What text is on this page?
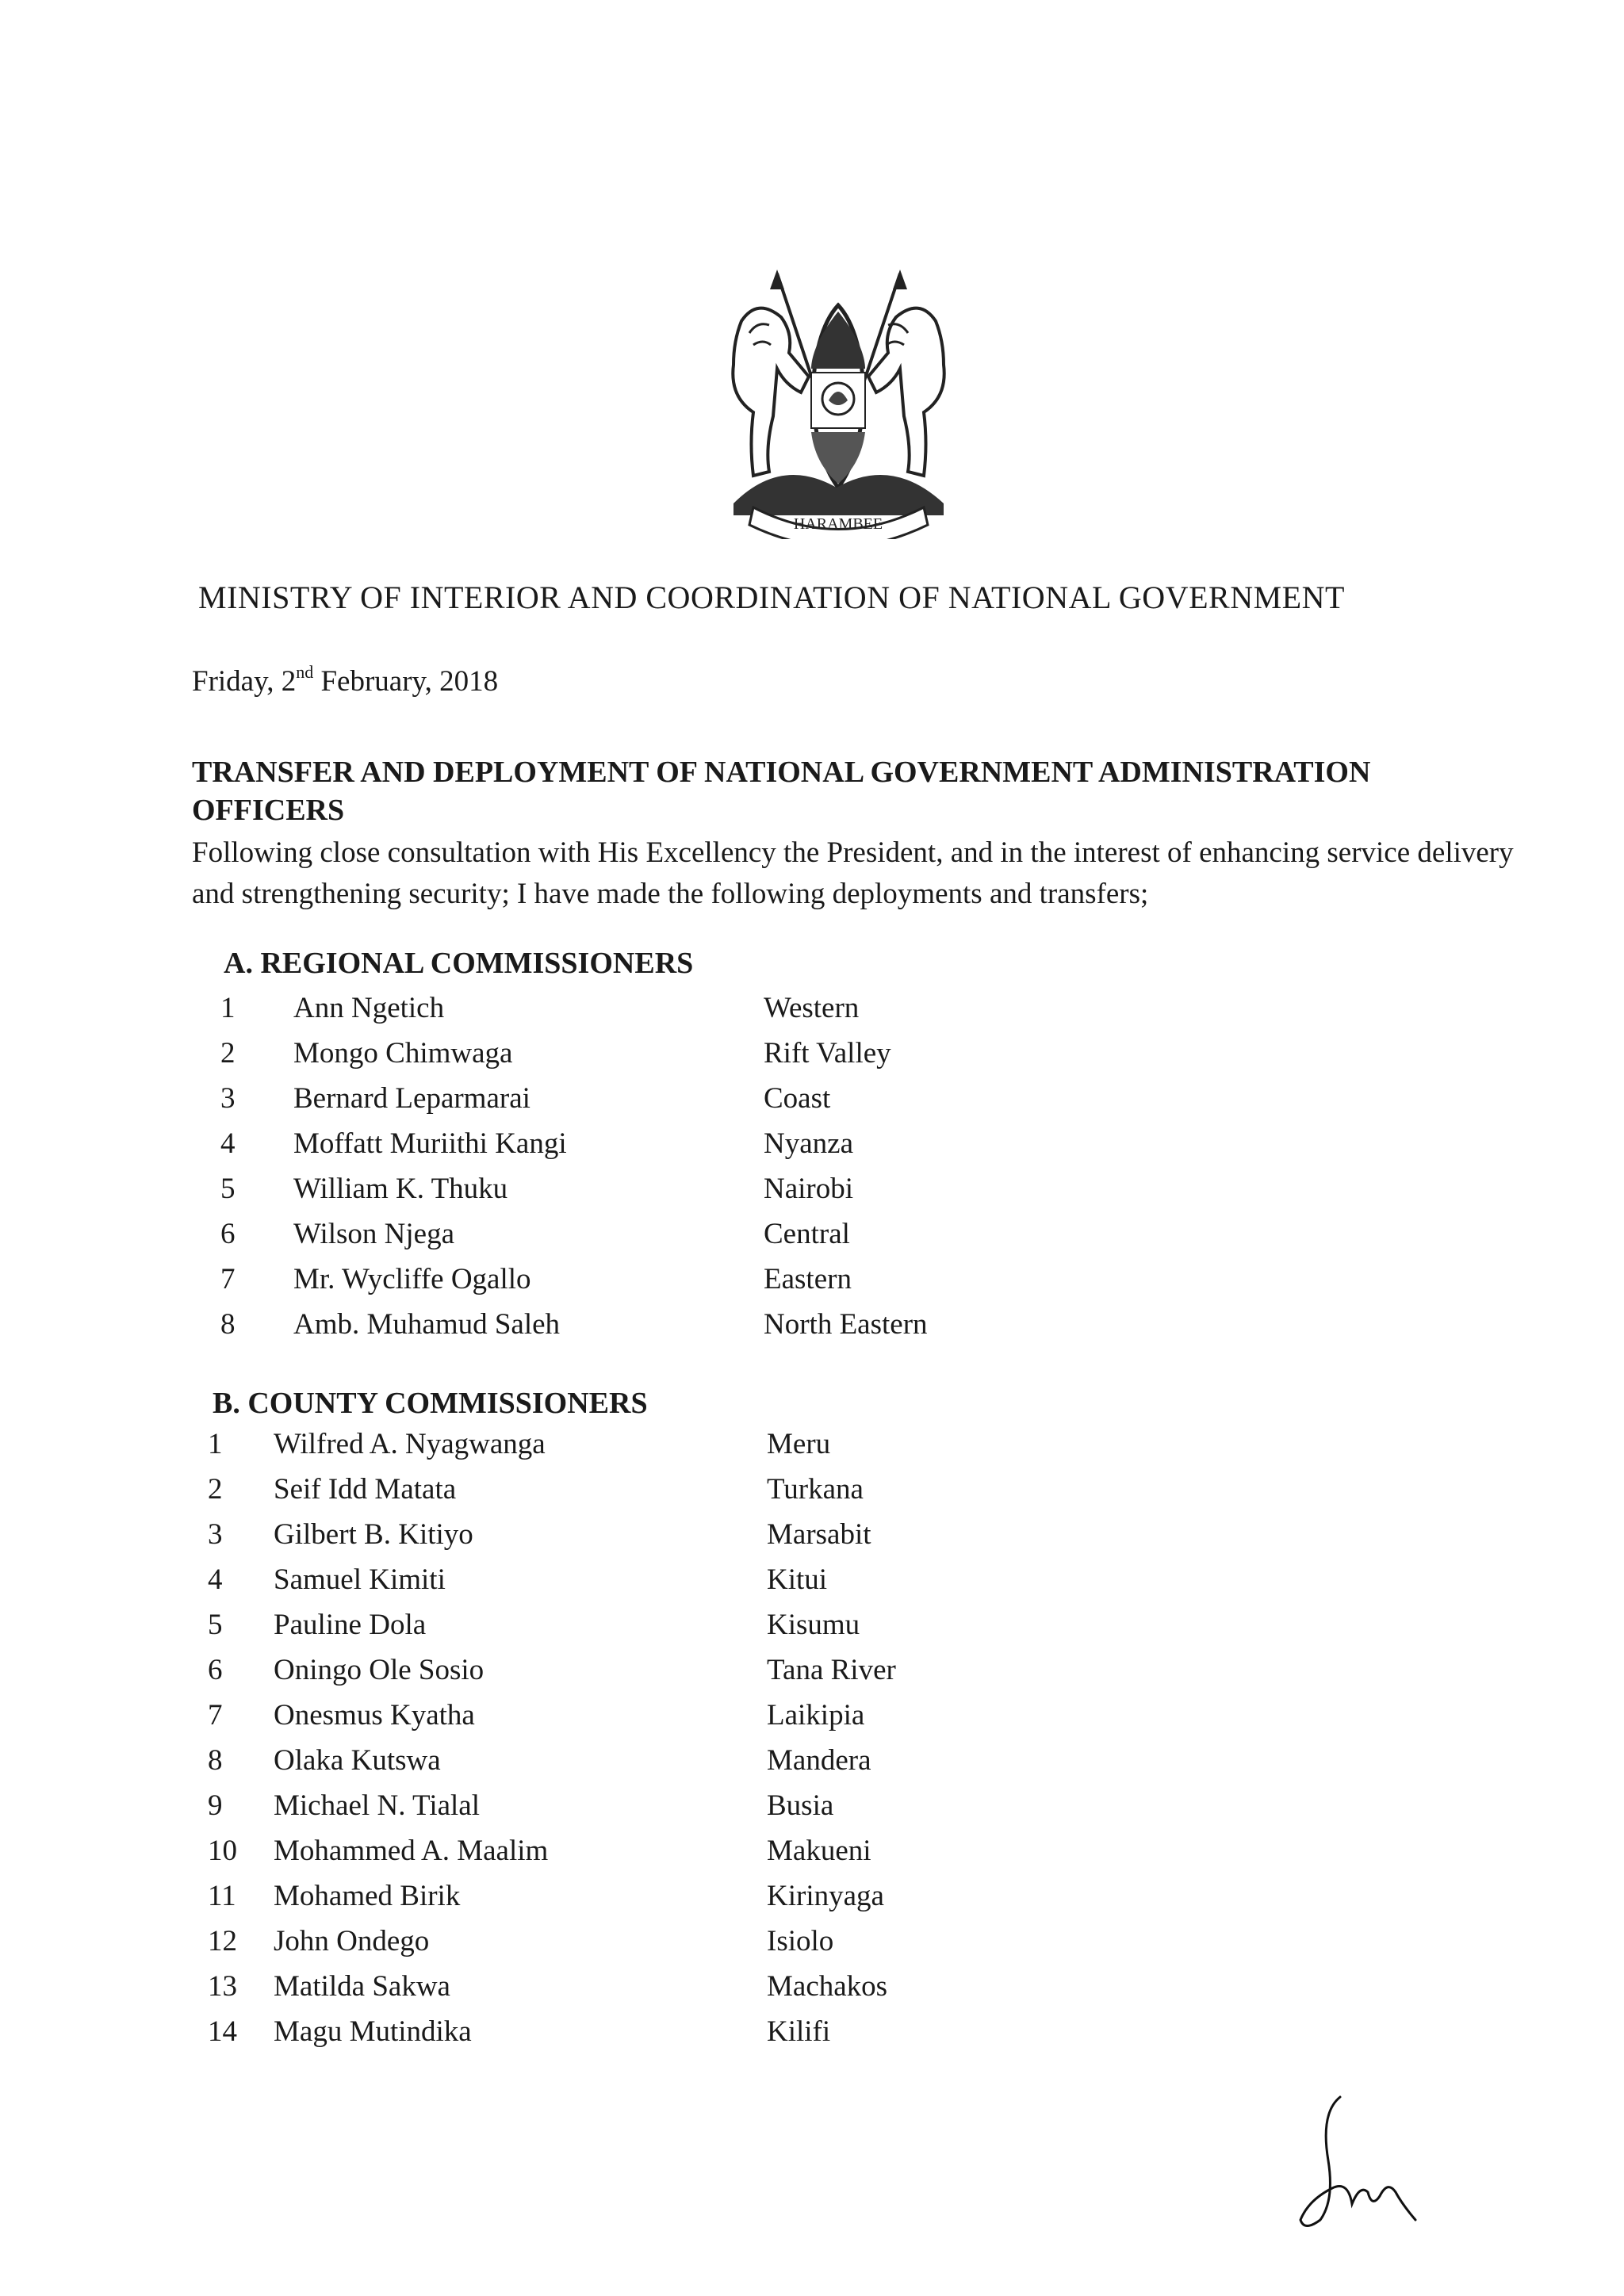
HARAMBEE
MINISTRY OF INTERIOR AND COORDINATION OF NATIONAL GOVERNMENT
Friday, 2nd February, 2018
TRANSFER AND DEPLOYMENT OF NATIONAL GOVERNMENT ADMINISTRATION OFFICERS
Following close consultation with His Excellency the President, and in the interest of enhancing service delivery and strengthening security; I have made the following deployments and transfers;
A. REGIONAL COMMISSIONERS
1 Ann Ngetich	Western
2 Mongo Chimwaga	Rift Valley
3 Bernard Leparmarai	Coast
4 Moffatt Muriithi Kangi	Nyanza
5 William K. Thuku	Nairobi
6 Wilson Njega	Central
7 Mr. Wycliffe Ogallo	Eastern
8 Amb. Muhamud Saleh	North Eastern
B. COUNTY COMMISSIONERS
1 Wilfred A. Nyagwanga	Meru
2 Seif Idd Matata	Turkana
3 Gilbert B. Kitiyo	Marsabit
4 Samuel Kimiti	Kitui
5 Pauline Dola	Kisumu
6 Oningo Ole Sosio	Tana River
7 Onesmus Kyatha	Laikipia
8 Olaka Kutswa	Mandera
9 Michael N. Tialal	Busia
10 Mohammed A. Maalim	Makueni
11 Mohamed Birik	Kirinyaga
12 John Ondego	Isiolo
13 Matilda Sakwa	Machakos
14 Magu Mutindika	Kilifi
